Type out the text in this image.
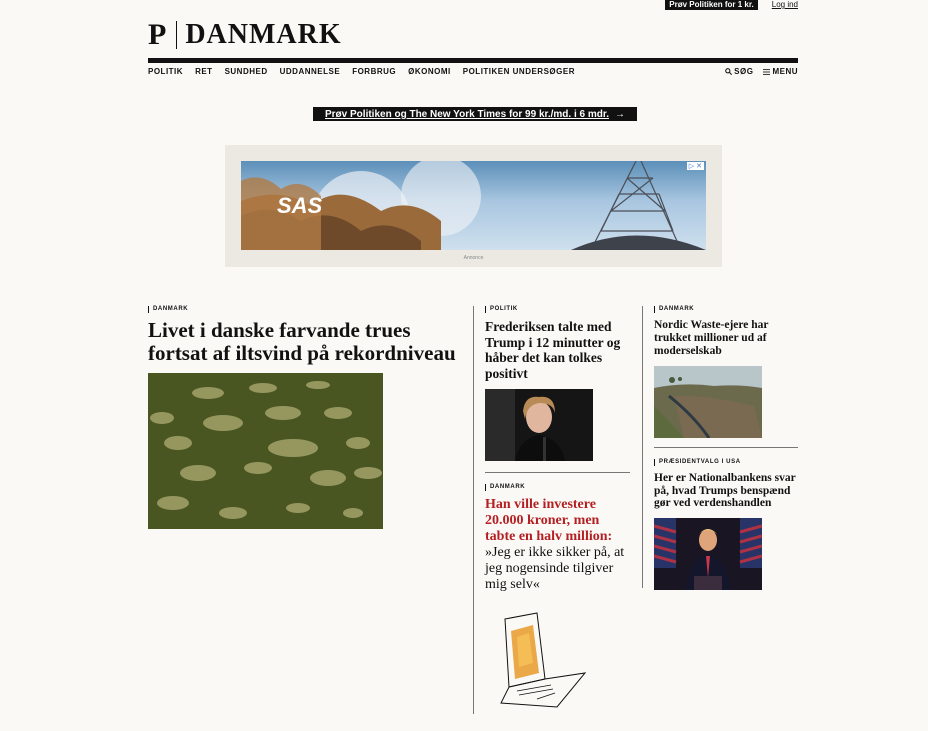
Prøv Politiken for 1 kr.	Log ind
P DANMARK
POLITIK RET SUNDHED UDDANNELSE FORBRUG ØKONOMI POLITIKEN UNDERSØGER	SØG MENU
Prøv Politiken og The New York Times for 99 kr./md. i 6 mdr. →
SAS
▷ ✕
Annonce
DANMARK
Livet i danske farvande trues fortsat af iltsvind på rekordniveau
POLITIK
Frederiksen talte med Trump i 12 minutter og håber det kan tolkes positivt
DANMARK
Han ville investere 20.000 kroner, men tabte en halv million:
»Jeg er ikke sikker på, at jeg nogensinde tilgiver mig selv«
DANMARK
Nordic Waste-ejere har trukket millioner ud af moderselskab
PRÆSIDENTVALG I USA
Her er Nationalbankens svar på, hvad Trumps benspænd gør ved verdenshandlen
